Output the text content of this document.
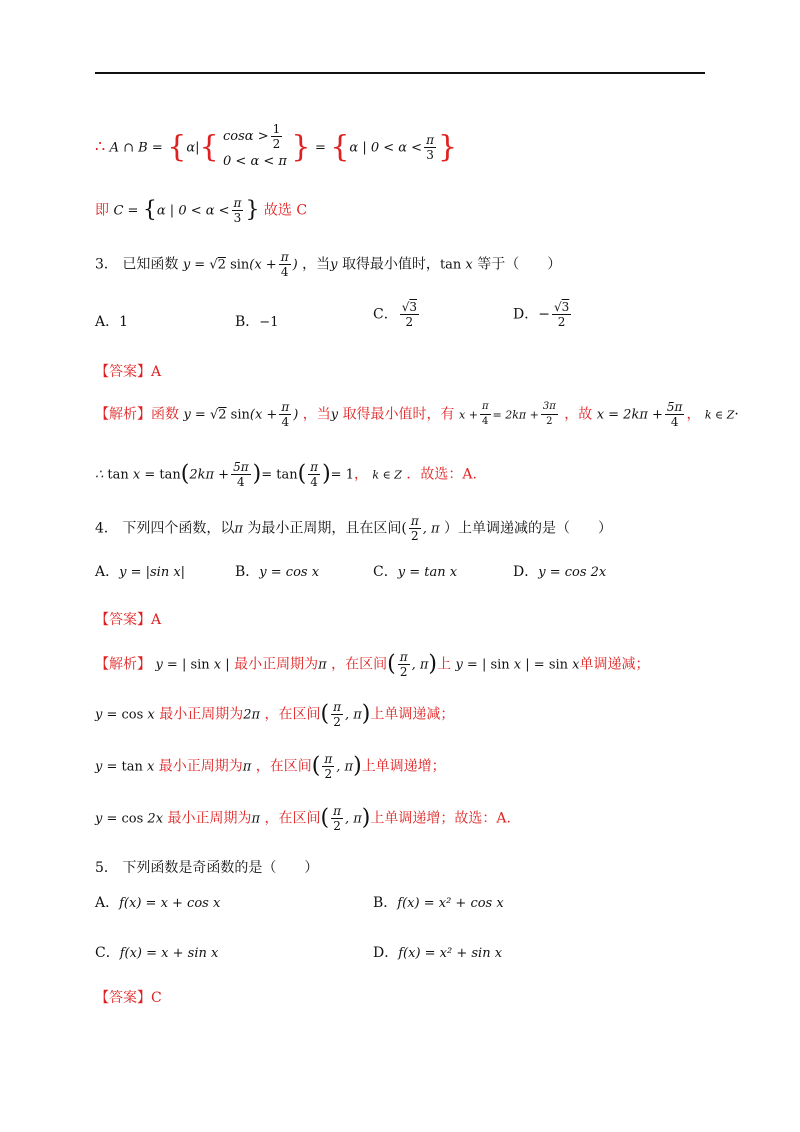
∴ A ∩ B = {α|{ $\cos\alpha > \frac{1}{2}$
0 < α < π } = {α | $0 < \alpha < \frac{\pi}{3}$ }
即 C = {α | $0 < \alpha < \frac{\pi}{3}$ } 故选 C
3． 已知函数 y = √2 $\sin(x + \frac{\pi}{4}$ ) ，当y 取得最小值时，tan x 等于（　　）
A．1	B．−1	C． $\frac{√3}{2}$	D．− $\frac{√3}{2}$
【答案】A
【解析】函数 y = √2 $\sin(x + \frac{\pi}{4}$ ) ，当y 取得最小值时，有 $x + \frac{\pi}{4} = 2k\pi + \frac{3\pi}{2}$ ，故 $x = 2k\pi + \frac{5\pi}{4}$ ， k ∈ Z·
∴ $\tan x = \tan(2k\pi + \frac{5\pi}{4}$ )= $\tan( \frac{\pi}{4}$ )= 1， k ∈ Z ．故选：A.
4． 下列四个函数，以π 为最小正周期，且在区间( $\frac{\pi}{2}$ , π ）上单调递减的是（　　）
A．y = |sin x|	B．y = cos x	C．y = tan x	D．y = cos 2x
【答案】A
【解析】 y = | sin x | 最小正周期为π ，在区间( $\frac{\pi}{2}$ , π)上 y = | sin x | = sin x单调递减；
y = cos x 最小正周期为2π ，在区间( $\frac{\pi}{2}$ , π)上单调递减；
y = tan x 最小正周期为π ，在区间( $\frac{\pi}{2}$ , π)上单调递增；
y = cos 2x 最小正周期为π ，在区间( $\frac{\pi}{2}$ , π)上单调递增；故选：A.
5． 下列函数是奇函数的是（　　）
A．f(x) = x + cos x	B．f(x) = x² + cos x
C．f(x) = x + sin x	D．f(x) = x² + sin x
【答案】C
